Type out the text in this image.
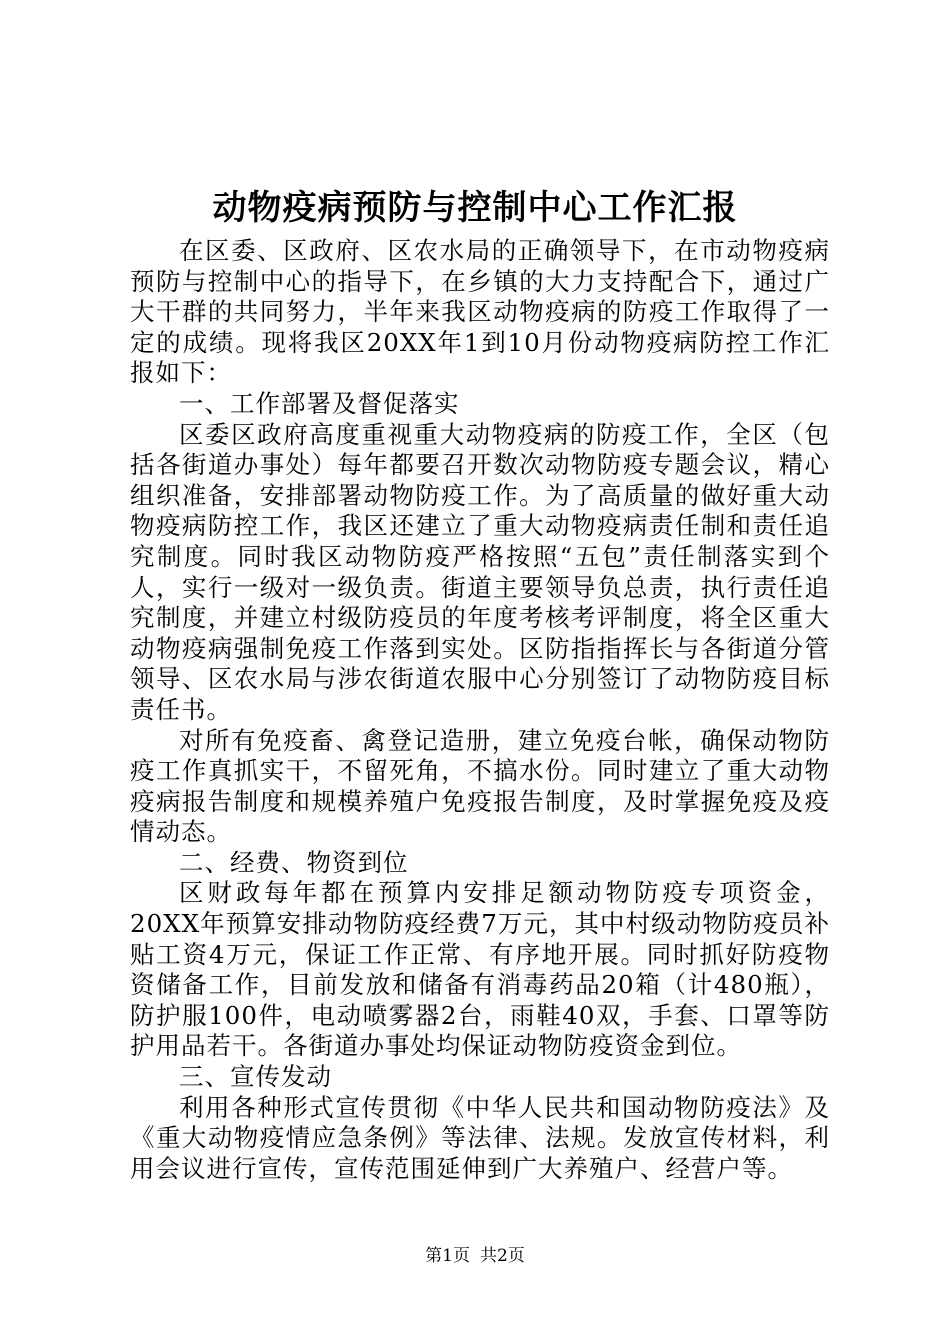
动物疫病预防与控制中心工作汇报

在区委、区政府、区农水局的正确领导下，在市动物疫病预防与控制中心的指导下，在乡镇的大力支持配合下，通过广大干群的共同努力，半年来我区动物疫病的防疫工作取得了一定的成绩。现将我区20XX年1到10月份动物疫病防控工作汇报如下：

一、工作部署及督促落实

区委区政府高度重视重大动物疫病的防疫工作，全区（包括各街道办事处）每年都要召开数次动物防疫专题会议，精心组织准备，安排部署动物防疫工作。为了高质量的做好重大动物疫病防控工作，我区还建立了重大动物疫病责任制和责任追究制度。同时我区动物防疫严格按照“五包”责任制落实到个人，实行一级对一级负责。街道主要领导负总责，执行责任追究制度，并建立村级防疫员的年度考核考评制度，将全区重大动物疫病强制免疫工作落到实处。区防指指挥长与各街道分管领导、区农水局与涉农街道农服中心分别签订了动物防疫目标责任书。

对所有免疫畜、禽登记造册，建立免疫台帐，确保动物防疫工作真抓实干，不留死角，不搞水份。同时建立了重大动物疫病报告制度和规模养殖户免疫报告制度，及时掌握免疫及疫情动态。

二、经费、物资到位

区财政每年都在预算内安排足额动物防疫专项资金，20XX年预算安排动物防疫经费7万元，其中村级动物防疫员补贴工资4万元，保证工作正常、有序地开展。同时抓好防疫物资储备工作，目前发放和储备有消毒药品20箱（计480瓶），防护服100件，电动喷雾器2台，雨鞋40双，手套、口罩等防护用品若干。各街道办事处均保证动物防疫资金到位。

三、宣传发动

利用各种形式宣传贯彻《中华人民共和国动物防疫法》及《重大动物疫情应急条例》等法律、法规。发放宣传材料，利用会议进行宣传，宣传范围延伸到广大养殖户、经营户等。

第1页 共2页
